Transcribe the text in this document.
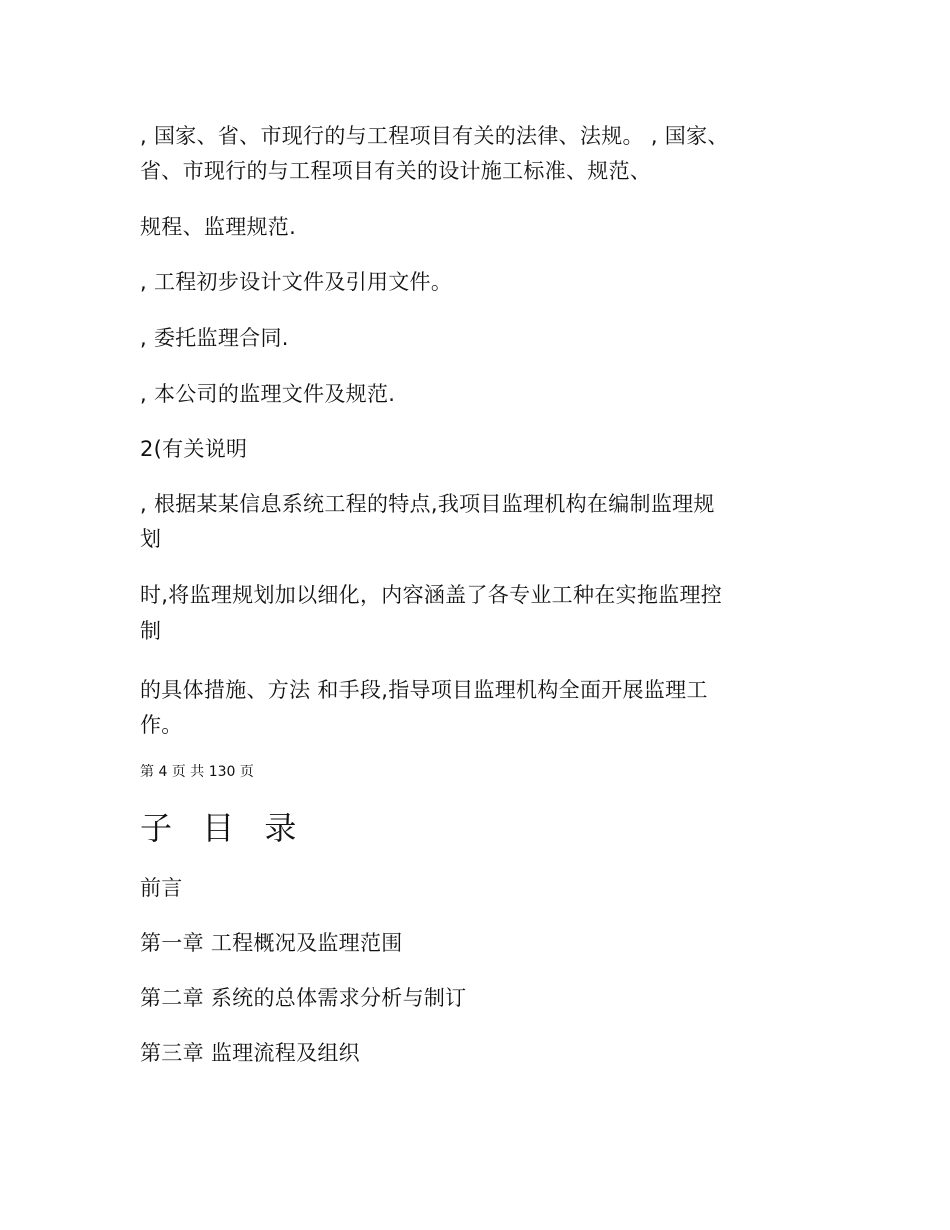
, 国家、省、市现行的与工程项目有关的法律、法规。 , 国家、
省、市现行的与工程项目有关的设计施工标准、规范、
规程、监理规范.
, 工程初步设计文件及引用文件。
, 委托监理合同.
, 本公司的监理文件及规范.
2(有关说明
, 根据某某信息系统工程的特点,我项目监理机构在编制监理规
划
时,将监理规划加以细化，内容涵盖了各专业工种在实拖监理控
制
的具体措施、方法 和手段,指导项目监理机构全面开展监理工
作。
第 4 页 共 130 页
子 目 录
前言
第一章 工程概况及监理范围
第二章 系统的总体需求分析与制订
第三章 监理流程及组织
